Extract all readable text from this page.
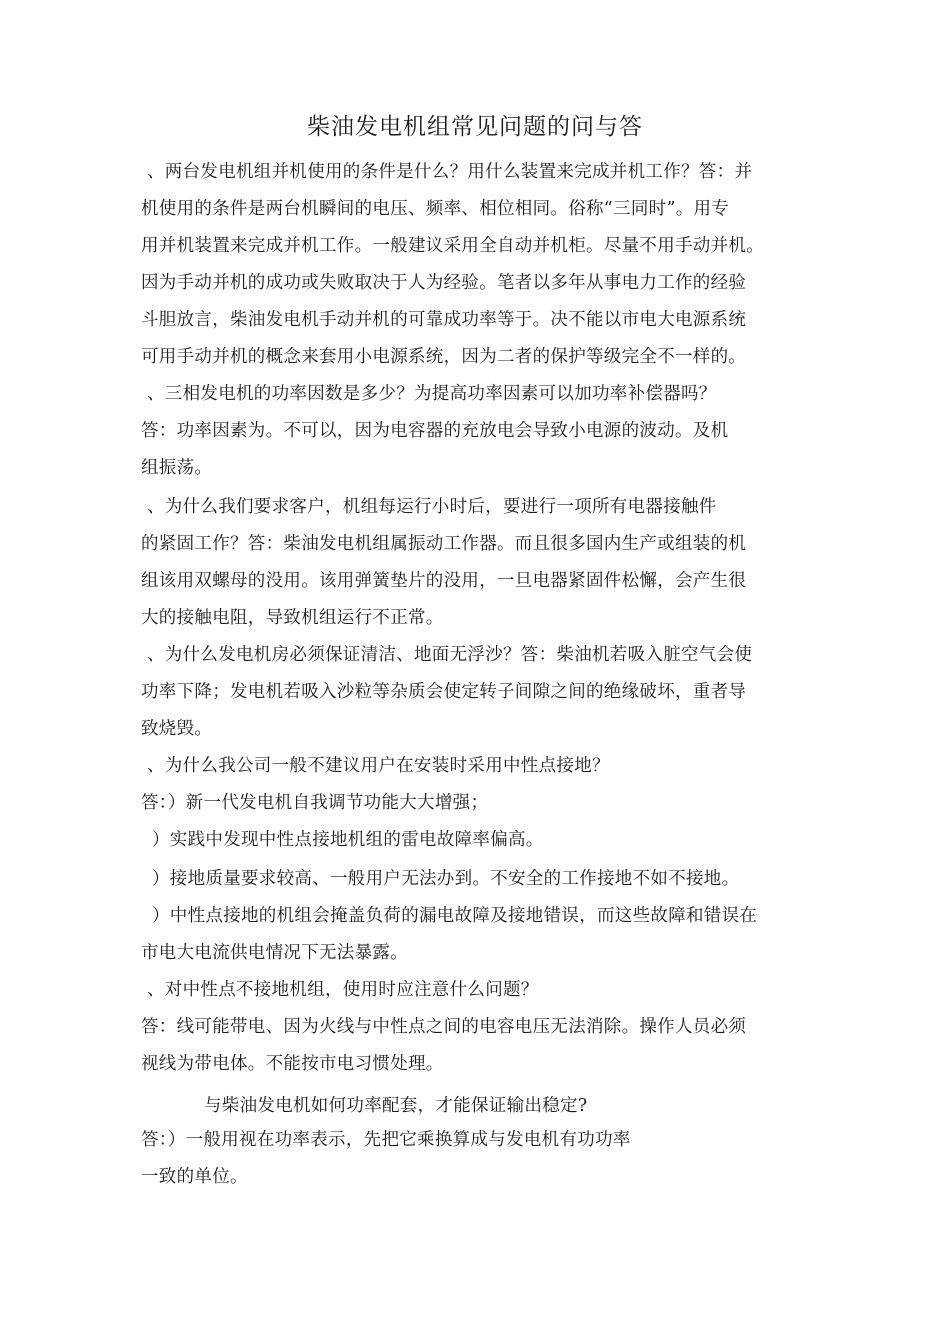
柴油发电机组常见问题的问与答
、两台发电机组并机使用的条件是什么？用什么装置来完成并机工作？答：并
机使用的条件是两台机瞬间的电压、频率、相位相同。俗称“三同时”。用专
用并机装置来完成并机工作。一般建议采用全自动并机柜。尽量不用手动并机。
因为手动并机的成功或失败取决于人为经验。笔者以多年从事电力工作的经验
斗胆放言，柴油发电机手动并机的可靠成功率等于。决不能以市电大电源系统
可用手动并机的概念来套用小电源系统，因为二者的保护等级完全不一样的。
、三相发电机的功率因数是多少？为提高功率因素可以加功率补偿器吗？
答：功率因素为。不可以，因为电容器的充放电会导致小电源的波动。及机
组振荡。
、为什么我们要求客户，机组每运行小时后，要进行一项所有电器接触件
的紧固工作？答：柴油发电机组属振动工作器。而且很多国内生产或组装的机
组该用双螺母的没用。该用弹簧垫片的没用，一旦电器紧固件松懈，会产生很
大的接触电阻，导致机组运行不正常。
、为什么发电机房必须保证清洁、地面无浮沙？答：柴油机若吸入脏空气会使
功率下降；发电机若吸入沙粒等杂质会使定转子间隙之间的绝缘破坏，重者导
致烧毁。
、为什么我公司一般不建议用户在安装时采用中性点接地？
答：）新一代发电机自我调节功能大大增强；
）实践中发现中性点接地机组的雷电故障率偏高。
）接地质量要求较高、一般用户无法办到。不安全的工作接地不如不接地。
）中性点接地的机组会掩盖负荷的漏电故障及接地错误，而这些故障和错误在
市电大电流供电情况下无法暴露。
、对中性点不接地机组，使用时应注意什么问题？
答：线可能带电、因为火线与中性点之间的电容电压无法消除。操作人员必须
视线为带电体。不能按市电习惯处理。
与柴油发电机如何功率配套，才能保证输出稳定?
答：）一般用视在功率表示，先把它乘换算成与发电机有功功率
一致的单位。
